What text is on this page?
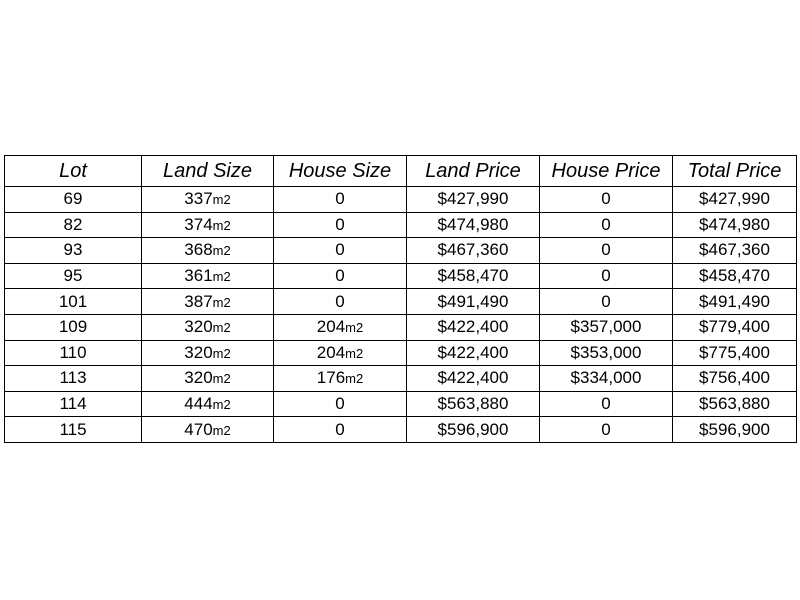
Lot	Land Size	House Size	Land Price	House Price	Total Price
69	337m2	0	$427,990	0	$427,990
82	374m2	0	$474,980	0	$474,980
93	368m2	0	$467,360	0	$467,360
95	361m2	0	$458,470	0	$458,470
101	387m2	0	$491,490	0	$491,490
109	320m2	204m2	$422,400	$357,000	$779,400
110	320m2	204m2	$422,400	$353,000	$775,400
113	320m2	176m2	$422,400	$334,000	$756,400
114	444m2	0	$563,880	0	$563,880
115	470m2	0	$596,900	0	$596,900
